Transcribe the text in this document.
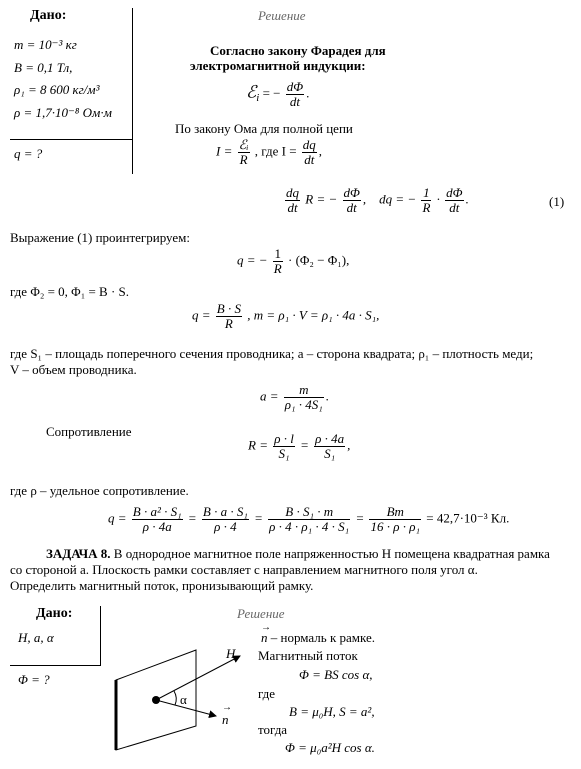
Дано:
m = 10⁻³ кг
B = 0,1 Тл,
ρ₁ = 8 600 кг/м³
ρ = 1,7·10⁻⁸ Ом·м
q = ?
Решение
Согласно закону Фарадея для
электромагнитной индукции:
ℰ$_i$ = − $\frac{d\Phi}{dt}$ .
По закону Ома для полной цепи
I = ℰᵢ
R
, где $I = \frac{dq}{dt}$ ,
$\frac{dq}{dt}$ R = − $\frac{d\Phi}{dt}$ ,    dq = − $\frac{1}{R} \cdot \frac{d\Phi}{dt}$ .	(1)
Выражение (1) проинтегрируем:
q = − $\frac{1}{R} \cdot (\Phi_2 - \Phi_1)$,
где Φ₂ = 0, Φ₁ = B · S.
$q = \frac{B \cdot S}{R}$ , m = ρ₁ · V = ρ₁ · 4a · S₁,
где S₁ – площадь поперечного сечения проводника; a – сторона квадрата; ρ₁ – плотность меди;
V – объем проводника.
$a = \frac{m}{\text{ρ₁ · 4S₁}}$ .
Сопротивление
$R = \frac{\rho \cdot l}{\text{S₁}} = \frac{\rho \cdot 4a}{\text{S₁}}$ ,
где ρ – удельное сопротивление.
$q = \frac{\text{B · a² · S₁}}{\rho \cdot 4a} = \frac{\text{B · a · S₁}}{\rho \cdot 4} = \frac{\text{B · S₁ · m}}{\text{ρ · 4 · ρ₁ · 4 · S₁}} = \frac{Bm}{\text{16 · ρ · ρ₁}} = 42,7\cdot 10^{-3}$ Кл.
ЗАДАЧА 8. В однородное магнитное поле напряженностью H помещена квадратная рамка
со стороной a. Плоскость рамки составляет с направлением магнитного поля угол α.
Определить магнитный поток, пронизывающий рамку.
Дано:
H, a, α
Φ = ?
Решение
H
n
→
α
n
→
– нормаль к рамке.
Магнитный поток
Φ = BS cos α,
где
B = μ₀H, S = a²,
тогда
Φ = μ₀a²H cos α.
